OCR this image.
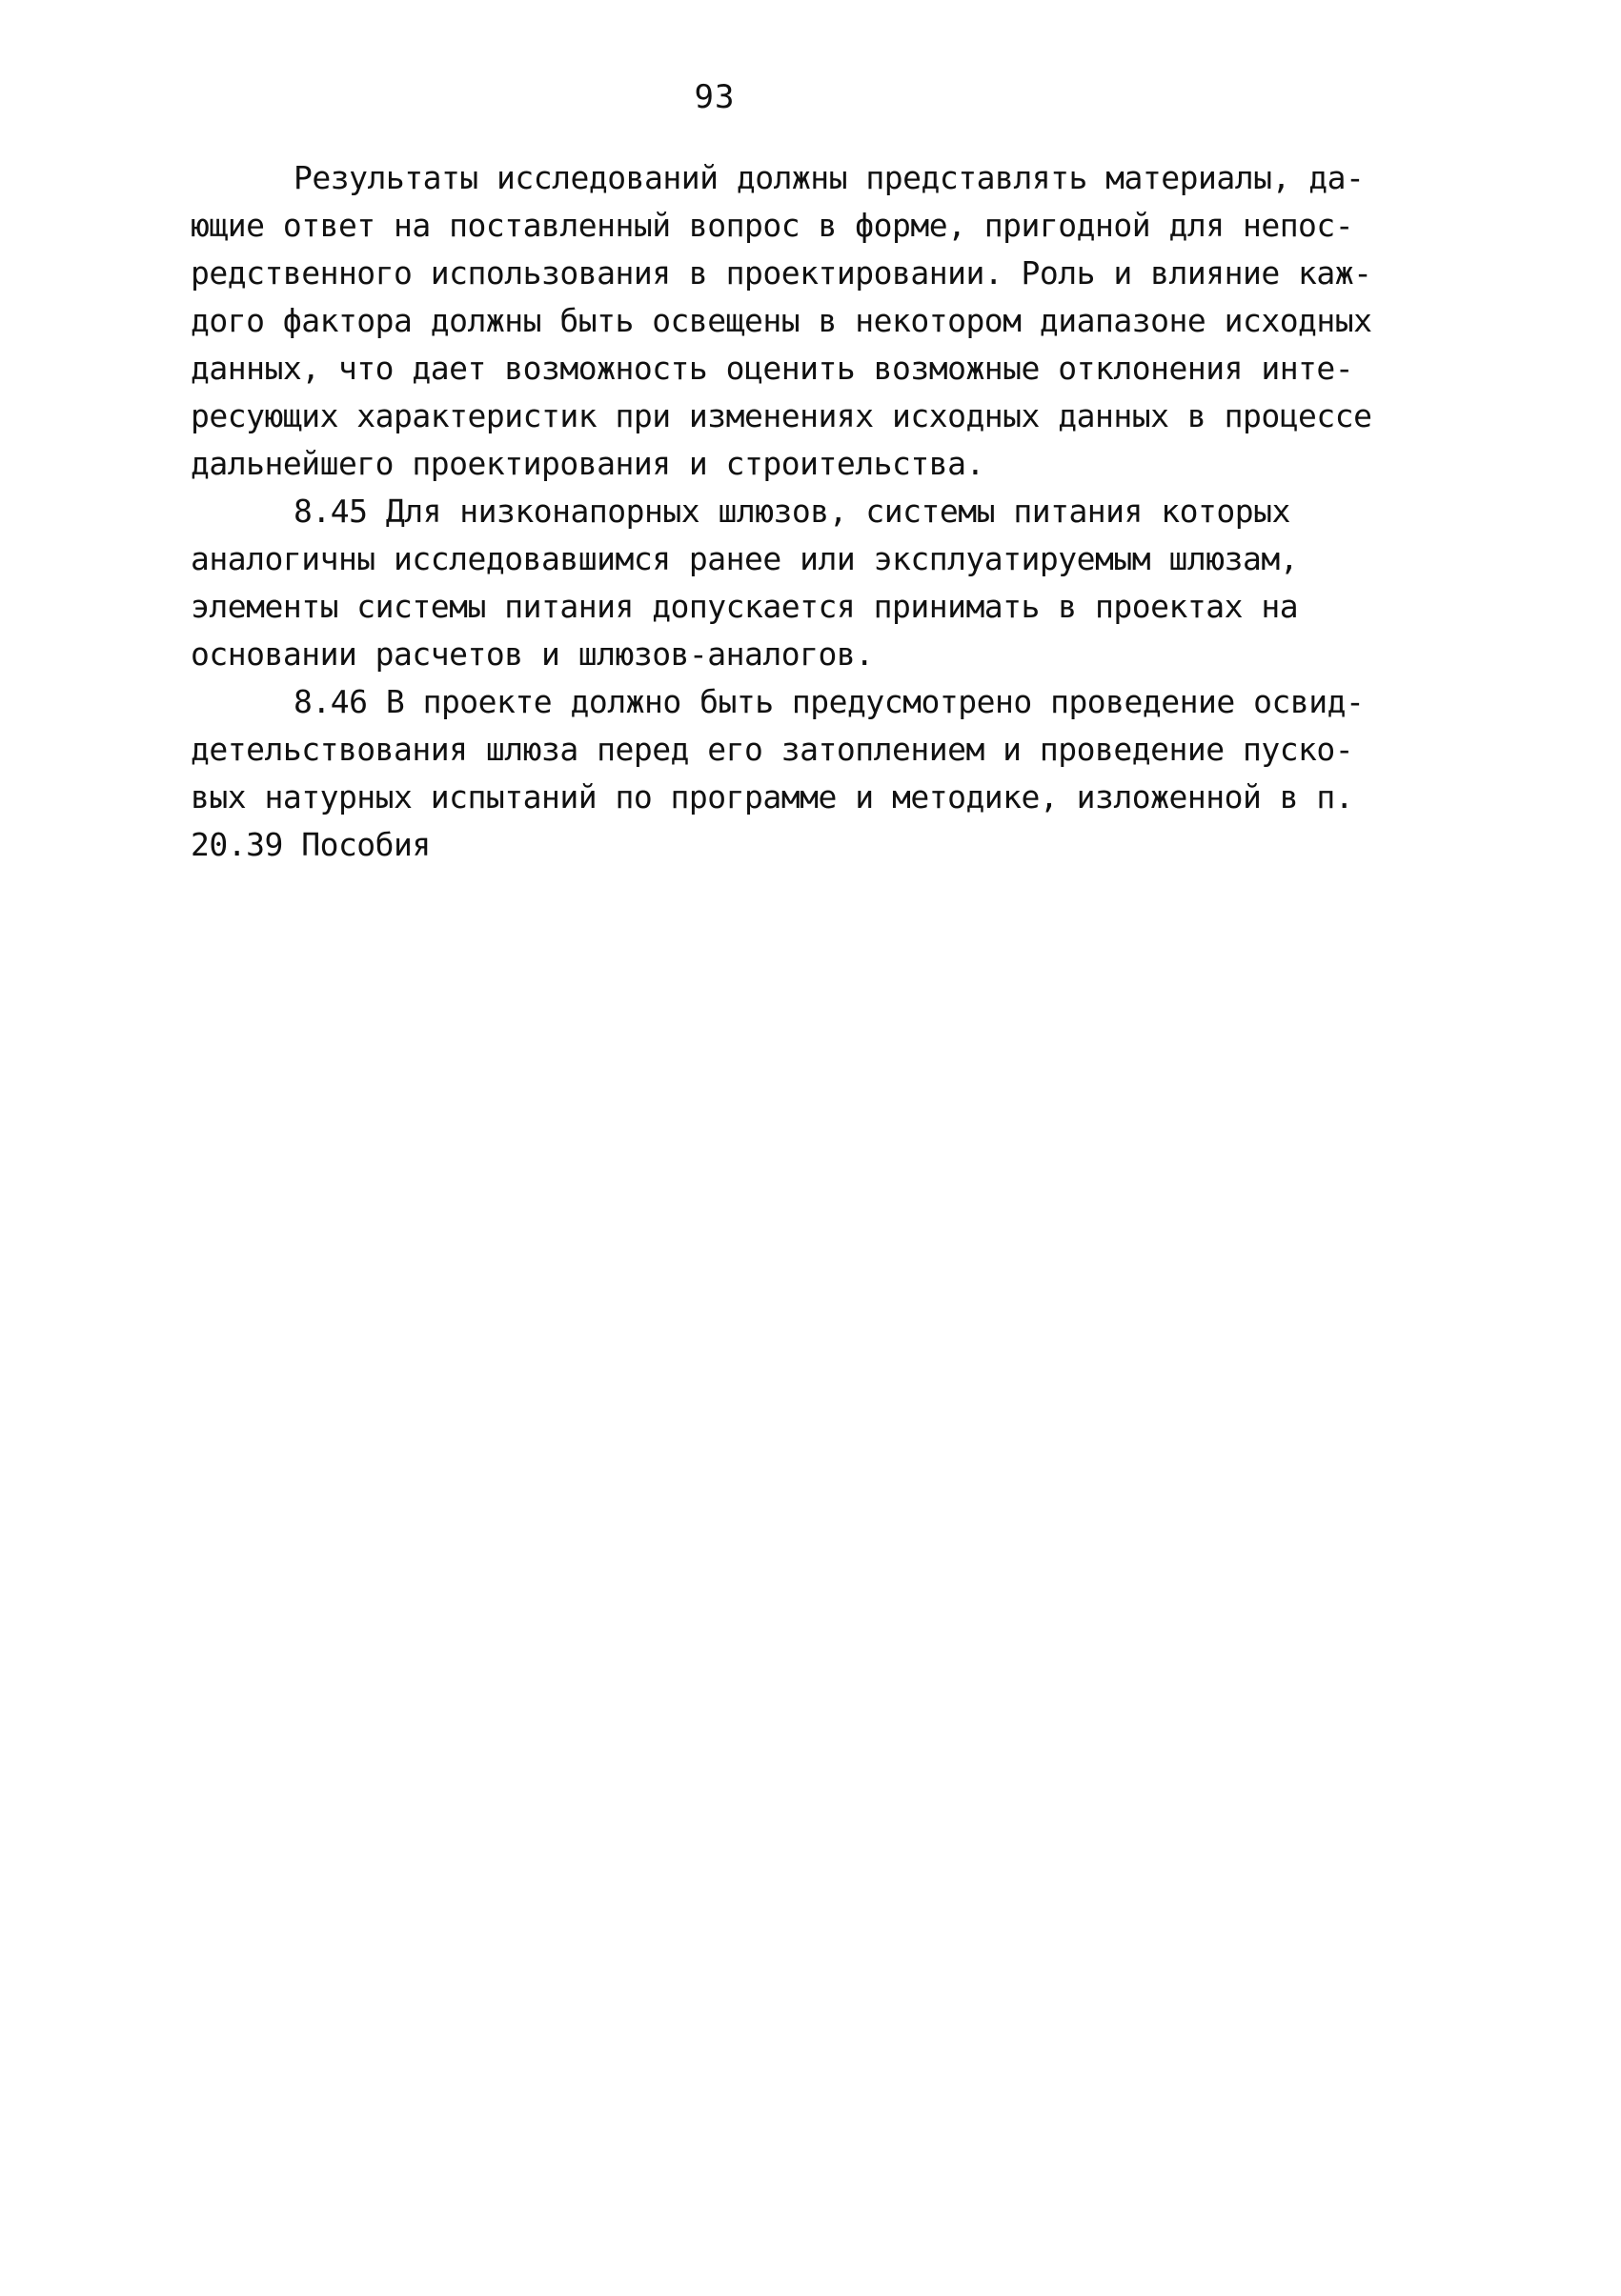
93
Результаты исследований должны представлять материалы, да-
ющие ответ на поставленный вопрос в форме, пригодной для непос-
редственного использования в проектировании. Роль и влияние каж-
дого фактора должны быть освещены в некотором диапазоне исходных
данных, что дает возможность оценить возможные отклонения инте-
ресующих характеристик при изменениях исходных данных в процессе
дальнейшего проектирования и строительства.
8.45 Для низконапорных шлюзов, системы питания которых
аналогичны исследовавшимся ранее или эксплуатируемым шлюзам,
элементы системы питания допускается принимать в проектах на
основании расчетов и шлюзов-аналогов.
8.46 В проекте должно быть предусмотрено проведение освид-
детельствования шлюза перед его затоплением и проведение пуско-
вых натурных испытаний по программе и методике, изложенной в п.
20.39 Пособия
